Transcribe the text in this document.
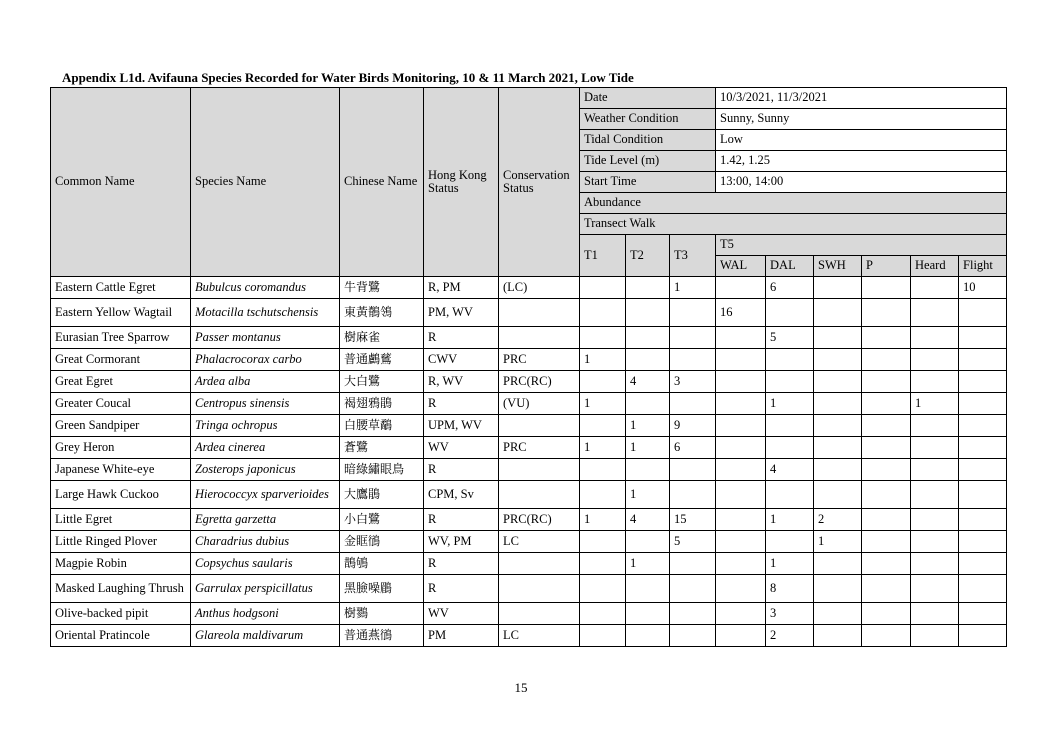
Appendix L1d. Avifauna Species Recorded for Water Birds Monitoring, 10 & 11 March 2021, Low Tide
Common Name	Species Name	Chinese Name	Hong Kong Status	Conservation Status	Date			10/3/2021, 11/3/2021					
					Weather Condition			Sunny, Sunny					
					Tidal Condition			Low					
					Tide Level (m)			1.42, 1.25					
					Start Time			13:00, 14:00					
					Abundance								
					Transect Walk								
					T1	T2	T3	T5					
								WAL	DAL	SWH	P	Heard	Flight
Eastern Cattle Egret	Bubulcus coromandus	牛背鷺	R, PM	(LC)			1		6				10
Eastern Yellow Wagtail	Motacilla tschutschensis	東黃鶺鴒	PM, WV					16					
Eurasian Tree Sparrow	Passer montanus	樹麻雀	R						5				
Great Cormorant	Phalacrocorax carbo	普通鸕鶿	CWV	PRC	1								
Great Egret	Ardea alba	大白鷺	R, WV	PRC(RC)		4	3						
Greater Coucal	Centropus sinensis	褐翅鴉鵑	R	(VU)	1				1			1	
Green Sandpiper	Tringa ochropus	白腰草鷸	UPM, WV			1	9						
Grey Heron	Ardea cinerea	蒼鷺	WV	PRC	1	1	6						
Japanese White-eye	Zosterops japonicus	暗綠繡眼鳥	R						4				
Large Hawk Cuckoo	Hierococcyx sparverioides	大鷹鵑	CPM, Sv			1							
Little Egret	Egretta garzetta	小白鷺	R	PRC(RC)	1	4	15		1	2			
Little Ringed Plover	Charadrius dubius	金眶鴴	WV, PM	LC			5			1			
Magpie Robin	Copsychus saularis	鵲鴝	R			1			1				
Masked Laughing Thrush	Garrulax perspicillatus	黑臉噪鶥	R						8				
Olive-backed pipit	Anthus hodgsoni	樹鷚	WV						3				
Oriental Pratincole	Glareola maldivarum	普通燕鴴	PM	LC					2				
15
